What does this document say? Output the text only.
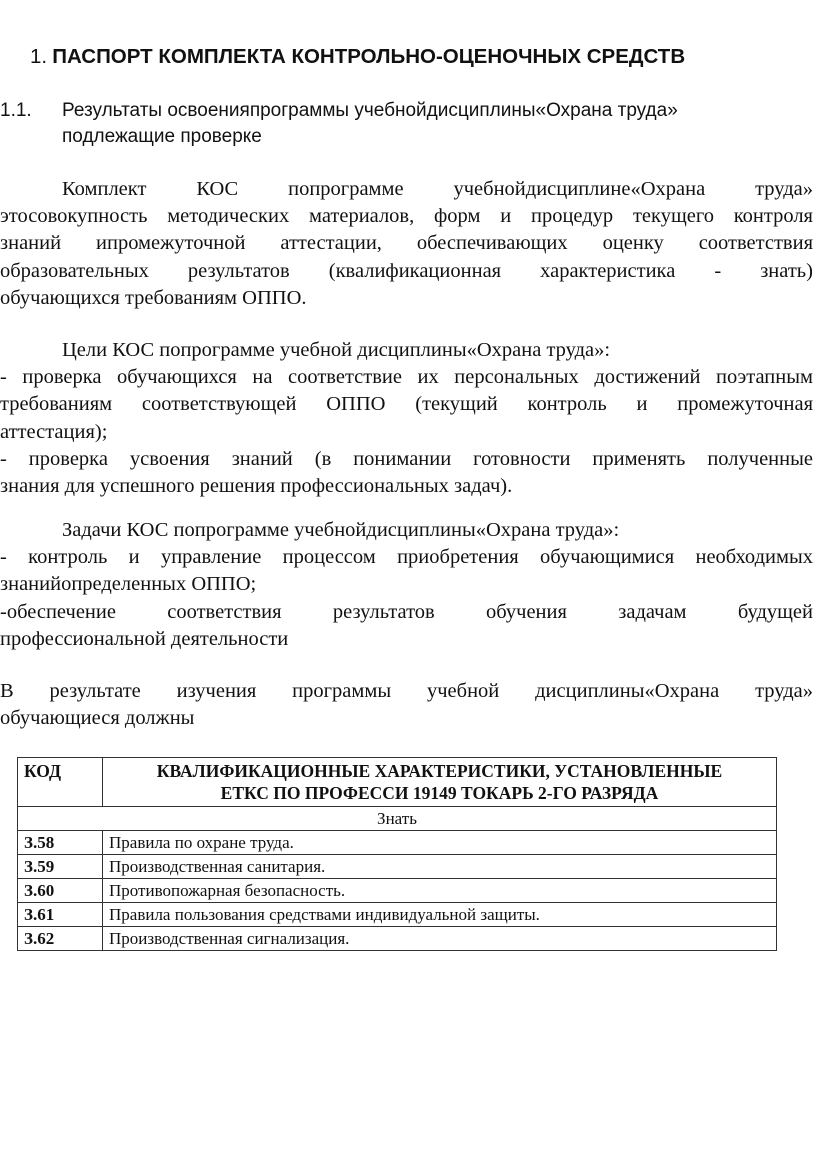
1. ПАСПОРТ КОМПЛЕКТА КОНТРОЛЬНО-ОЦЕНОЧНЫХ СРЕДСТВ
1.1. Результаты освоенияпрограммы учебнойдисциплины«Охрана труда»
подлежащие проверке
Комплект КОС попрограмме учебнойдисциплине«Охрана труда»
этосовокупность методических материалов, форм и процедур текущего контроля
знаний ипромежуточной аттестации, обеспечивающих оценку соответствия
образовательных результатов (квалификационная характеристика - знать)
обучающихся требованиям ОППО.
Цели КОС попрограмме учебной дисциплины«Охрана труда»:
- проверка обучающихся на соответствие их персональных достижений поэтапным
требованиям соответствующей ОППО (текущий контроль и промежуточная
аттестация);
- проверка усвоения знаний (в понимании готовности применять полученные
знания для успешного решения профессиональных задач).
Задачи КОС попрограмме учебнойдисциплины«Охрана труда»:
- контроль и управление процессом приобретения обучающимися необходимых
знанийопределенных ОППО;
-обеспечение соответствия результатов обучения задачам будущей
профессиональной деятельности
В результате изучения программы учебной дисциплины«Охрана труда»
обучающиеся должны
КОД	КВАЛИФИКАЦИОННЫЕ ХАРАКТЕРИСТИКИ, УСТАНОВЛЕННЫЕ
ЕТКС ПО ПРОФЕССИ 19149 ТОКАРЬ 2-ГО РАЗРЯДА

Знать	
З.58	Правила по охране труда.
З.59	Производственная санитария.
З.60	Противопожарная безопасность.
З.61	Правила пользования средствами индивидуальной защиты.
З.62	Производственная сигнализация.
